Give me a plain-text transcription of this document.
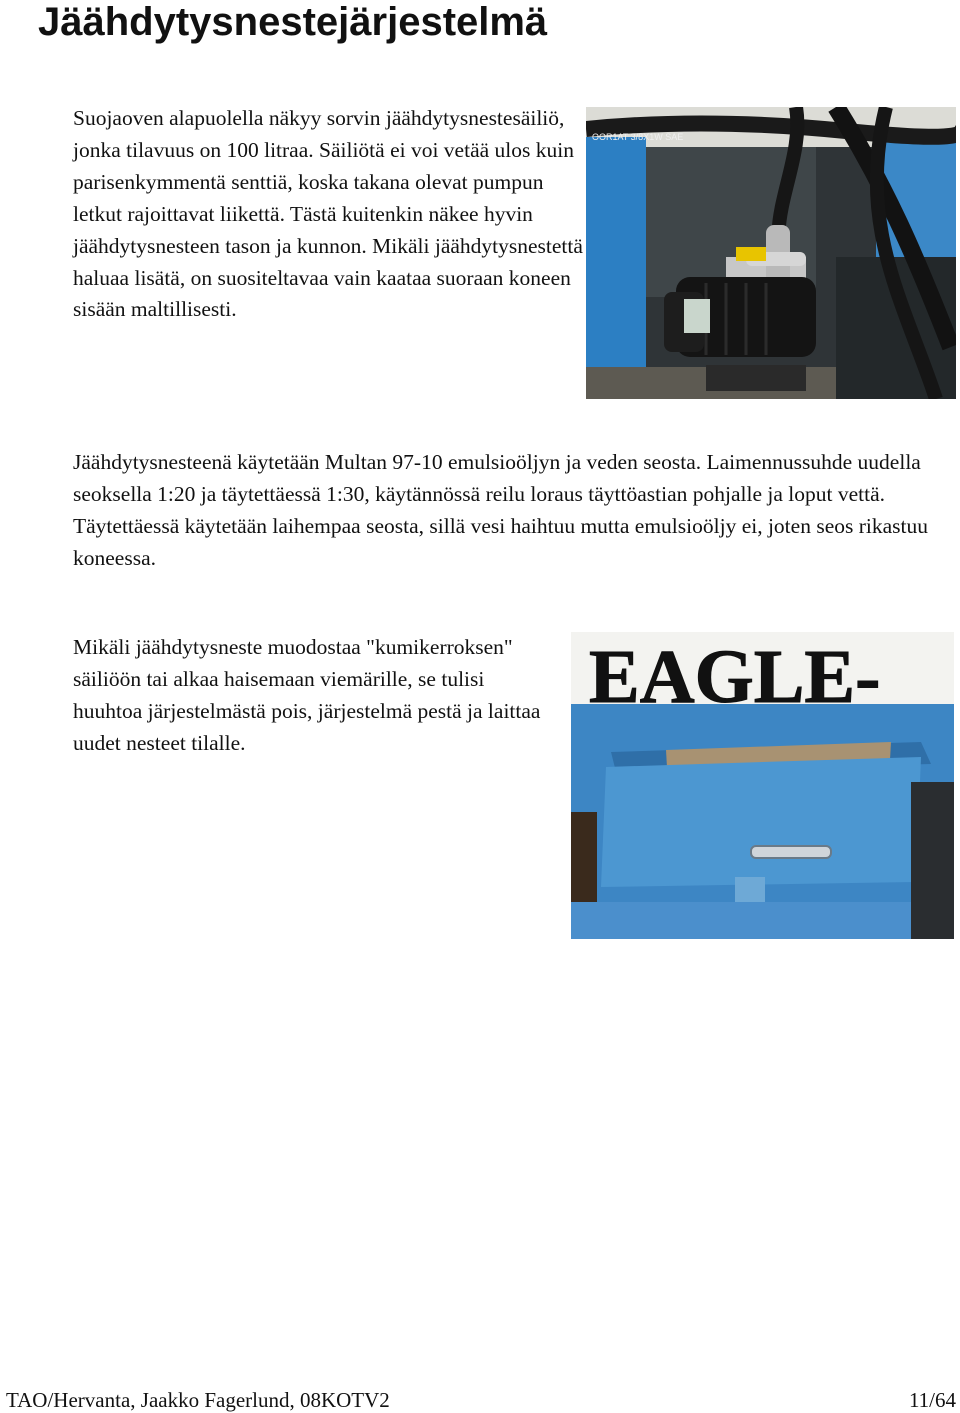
Jäähdytysnestejärjestelmä

Suojaoven alapuolella näkyy sorvin jäähdytysnestesäiliö, jonka tilavuus on 100 litraa. Säiliötä ei voi vetää ulos kuin parisenkymmentä senttiä, koska takana olevat pumpun letkut rajoittavat liikettä. Tästä kuitenkin näkee hyvin jäähdytysnesteen tason ja kunnon. Mikäli jäähdytysnestettä haluaa lisätä, on suositeltavaa vain kaataa suoraan koneen sisään maltillisesti.

OOR1AT 3/8X1W SAE

Jäähdytysnesteenä käytetään Multan 97-10 emulsioöljyn ja veden seosta. Laimennussuhde uudella seoksella 1:20 ja täytettäessä 1:30, käytännössä reilu loraus täyttöastian pohjalle ja loput vettä. Täytettäessä käytetään laihempaa seosta, sillä vesi haihtuu mutta emulsioöljy ei, joten seos rikastuu koneessa.

Mikäli jäähdytysneste muodostaa "kumikerroksen" säiliöön tai alkaa haisemaan viemärille, se tulisi huuhtoa järjestelmästä pois, järjestelmä pestä ja laittaa uudet nesteet tilalle.

EAGLE-
TAO/Hervanta, Jaakko Fagerlund, 08KOTV2	11/64
